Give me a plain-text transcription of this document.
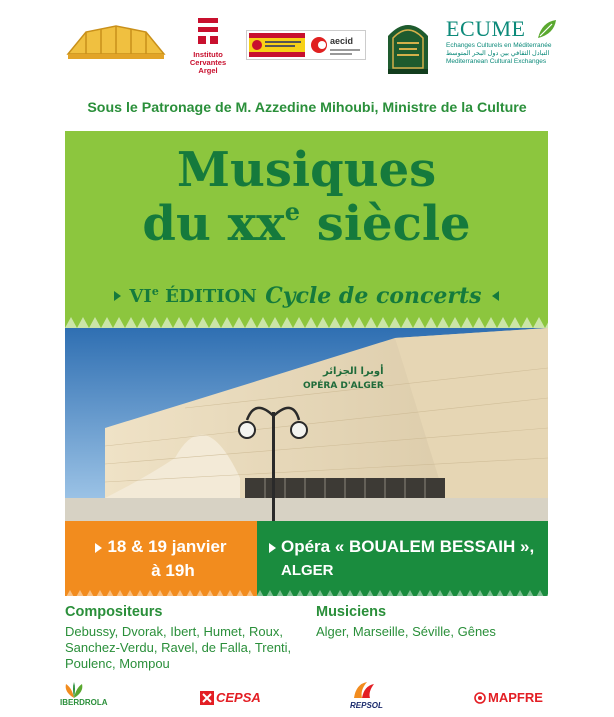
Instituto
Cervantes
Argel
aecid	ECUME
Echanges Culturels en Méditerranée
التبادل الثقافي بين دول البحر المتوسط
Mediterranean Cultural Exchanges
Sous le Patronage de M. Azzedine Mihoubi, Ministre de la Culture
Musiques
du $xx^e$ siècle
VIe ÉDITION Cycle de concerts
أوبرا الجزائر
OPÉRA D'ALGER
18 & 19 janvier
à 19h
Opéra « BOUALEM BESSAIH »,
ALGER
Compositeurs
Debussy, Dvorak, Ibert, Humet, Roux,
Sanchez-Verdu, Ravel, de Falla, Trenti,
Poulenc, Mompou
Musiciens
Alger, Marseille, Séville, Gênes
IBERDROLA	CEPSA
REPSOL
MAPFRE
